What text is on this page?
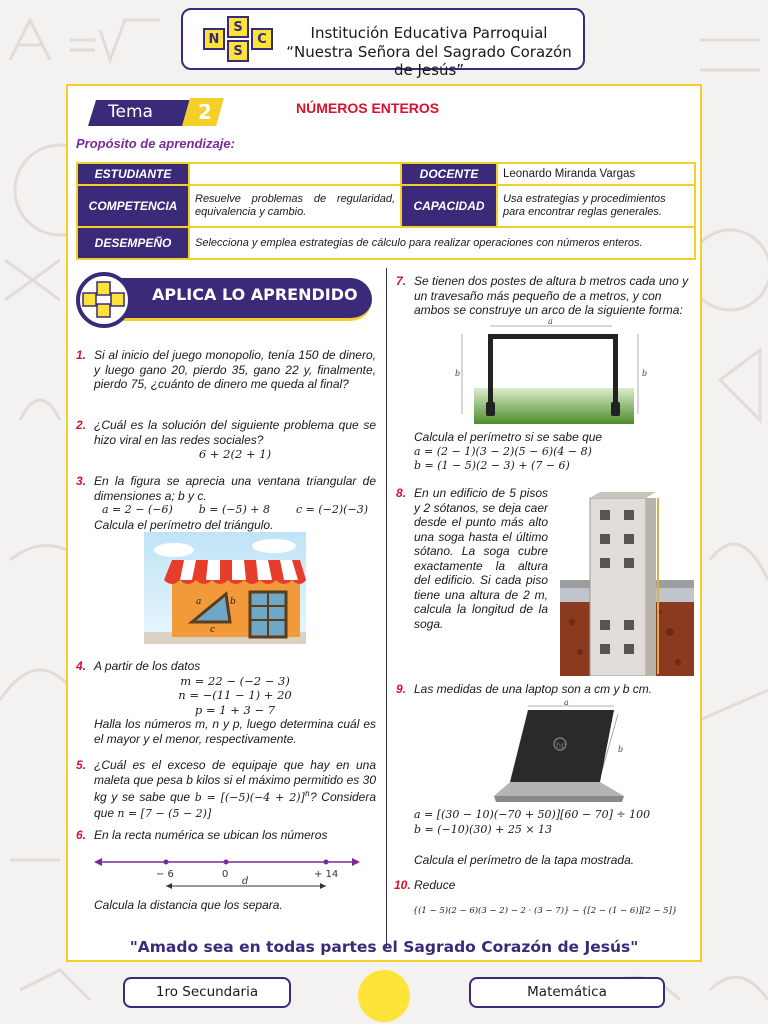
N
S
S
C	Institución Educativa Parroquial
“Nuestra Señora del Sagrado Corazón de Jesús”
Tema	2	NÚMEROS ENTEROS
Propósito de aprendizaje:
ESTUDIANTE		DOCENTE	Leonardo Miranda Vargas
COMPETENCIA	Resuelve problemas de regularidad, equivalencia y cambio.	CAPACIDAD	Usa estrategias y procedimientos para encontrar reglas generales.
DESEMPEÑO	Selecciona y emplea estrategias de cálculo para realizar operaciones con números enteros.		
APLICA LO APRENDIDO
1. Si al inicio del juego monopolio, tenía 150 de dinero, y luego gano 20, pierdo 35, gano 22 y, finalmente, pierdo 75, ¿cuánto de dinero me queda al final?
2. ¿Cuál es la solución del siguiente problema que se hizo viral en las redes sociales?
6 + 2(2 + 1)
3. En la figura se aprecia una ventana triangular de dimensiones a; b y c.
a = 2 − (−6) b = (−5) + 8 c = (−2)(−3)
Calcula el perímetro del triángulo.
a	b
c
4. A partir de los datos
m = 22 − (−2 − 3)
n = −(11 − 1) + 20
p = 1 + 3 − 7
Halla los números m, n y p, luego determina cuál es el mayor y el menor, respectivamente.
5. ¿Cuál es el exceso de equipaje que hay en una maleta que pesa b kilos si el máximo permitido es 30 kg y se sabe que $b = [(-5)(-4 + 2)]^n$? Considera que n = [7 − (5 − 2)]
6. En la recta numérica se ubican los números
− 6	0	+ 14
d
Calcula la distancia que los separa.
7. Se tienen dos postes de altura b metros cada uno y un travesaño más pequeño de a metros, y con ambos se construye un arco de la siguiente forma:
a
b	b
Calcula el perímetro si se sabe que
a = (2 − 1)(3 − 2)(5 − 6)(4 − 8)
b = (1 − 5)(2 − 3) + (7 − 6)
8. En un edificio de 5 pisos y 2 sótanos, se deja caer desde el punto más alto una soga hasta el último sótano. La soga cubre exactamente la altura del edificio. Si cada piso tiene una altura de 2 m, calcula la longitud de la soga.
9. Las medidas de una laptop son a cm y b cm.
a
b
hp
a = [(30 − 10)(−70 + 50)][60 − 70] ÷ 100
b = (−10)(30) + 25 × 13
Calcula el perímetro de la tapa mostrada.
10. Reduce
{(1 − 5)(2 − 6)(3 − 2) − 2 · (3 − 7)} − {[2 − (1 − 6)][2 − 5]}
"Amado sea en todas partes el Sagrado Corazón de Jesús"
1ro Secundaria	Matemática
